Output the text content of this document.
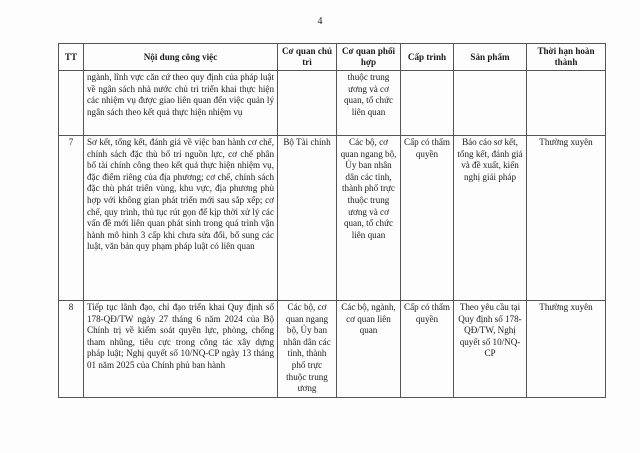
4
TT	Nội dung công việc	Cơ quan chủ trì	Cơ quan phối hợp	Cấp trình	Sản phẩm	Thời hạn hoàn thành
	ngành, lĩnh vực căn cứ theo quy định của pháp luật về ngân sách nhà nước chủ trì triển khai thực hiện các nhiệm vụ được giao liên quan đến việc quản lý ngân sách theo kết quả thực hiện nhiệm vụ		thuộc trung ương và cơ quan, tổ chức liên quan			
7	Sơ kết, tổng kết, đánh giá về việc ban hành cơ chế, chính sách đặc thù bố trí nguồn lực, cơ chế phân bổ tài chính công theo kết quả thực hiện nhiệm vụ, đặc điểm riêng của địa phương; cơ chế, chính sách đặc thù phát triển vùng, khu vực, địa phương phù hợp với không gian phát triển mới sau sắp xếp; cơ chế, quy trình, thủ tục rút gọn để kịp thời xử lý các vấn đề mới liên quan phát sinh trong quá trình vận hành mô hình 3 cấp khi chưa sửa đổi, bổ sung các luật, văn bản quy phạm pháp luật có liên quan	Bộ Tài chính	Các bộ, cơ quan ngang bộ, Ủy ban nhân dân các tỉnh, thành phố trực thuộc trung ương và cơ quan, tổ chức liên quan	Cấp có thẩm quyền	Báo cáo sơ kết, tổng kết, đánh giá và đề xuất, kiến nghị giải pháp	Thường xuyên
8	Tiếp tục lãnh đạo, chỉ đạo triển khai Quy định số 178-QĐ/TW ngày 27 tháng 6 năm 2024 của Bộ Chính trị về kiểm soát quyền lực, phòng, chống tham nhũng, tiêu cực trong công tác xây dựng pháp luật; Nghị quyết số 10/NQ-CP ngày 13 tháng 01 năm 2025 của Chính phủ ban hành	Các bộ, cơ quan ngang bộ, Ủy ban nhân dân các tỉnh, thành phố trực thuộc trung ương	Các bộ, ngành, cơ quan liên quan	Cấp có thẩm quyền	Theo yêu cầu tại Quy định số 178-QĐ/TW, Nghị quyết số 10/NQ-CP	Thường xuyên
